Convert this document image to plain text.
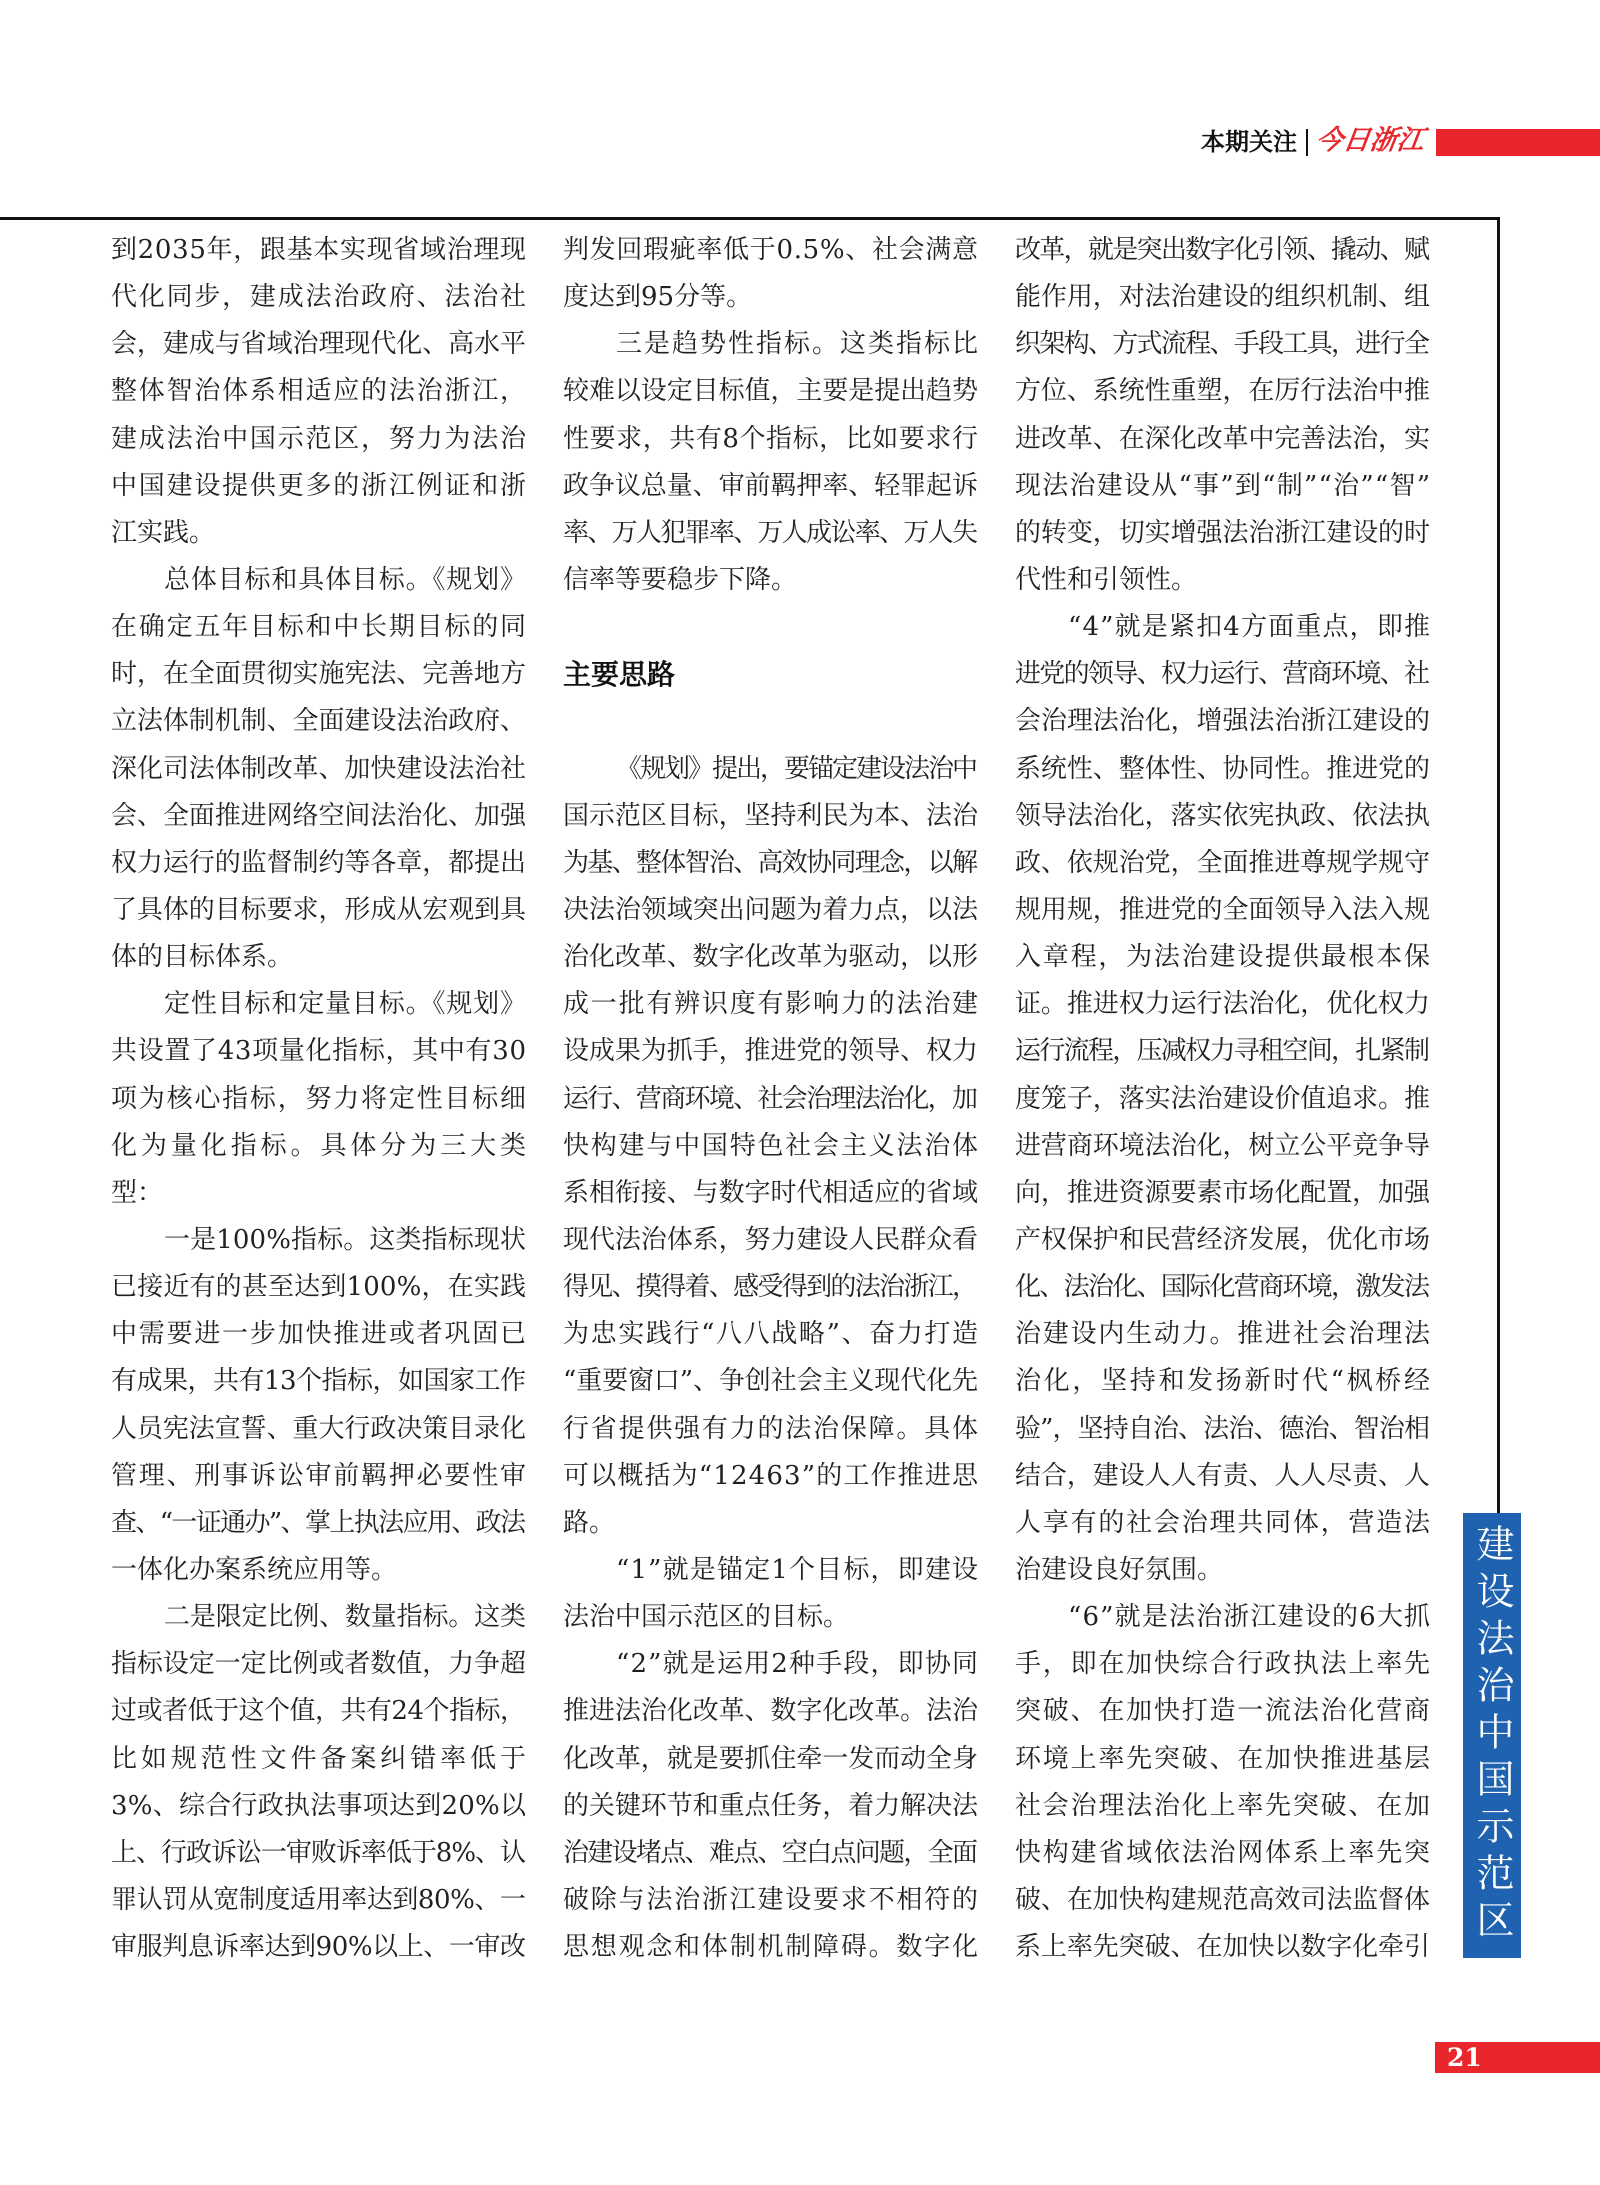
本期关注 今日浙江
到2035年，跟基本实现省域治理现
代化同步，建成法治政府、法治社
会，建成与省域治理现代化、高水平
整体智治体系相适应的法治浙江，
建成法治中国示范区，努力为法治
中国建设提供更多的浙江例证和浙
江实践。
总体目标和具体目标。《规划》
在确定五年目标和中长期目标的同
时，在全面贯彻实施宪法、完善地方
立法体制机制、全面建设法治政府、
深化司法体制改革、加快建设法治社
会、全面推进网络空间法治化、加强
权力运行的监督制约等各章，都提出
了具体的目标要求，形成从宏观到具
体的目标体系。
定性目标和定量目标。《规划》
共设置了43项量化指标，其中有30
项为核心指标，努力将定性目标细
化为量化指标。具体分为三大类
型：
一是100%指标。这类指标现状
已接近有的甚至达到100%，在实践
中需要进一步加快推进或者巩固已
有成果，共有13个指标，如国家工作
人员宪法宣誓、重大行政决策目录化
管理、刑事诉讼审前羁押必要性审
查、“一证通办”、掌上执法应用、政法
一体化办案系统应用等。
二是限定比例、数量指标。这类
指标设定一定比例或者数值，力争超
过或者低于这个值，共有24个指标，
比如规范性文件备案纠错率低于
3%、综合行政执法事项达到20%以
上、行政诉讼一审败诉率低于8%、认
罪认罚从宽制度适用率达到80%、一
审服判息诉率达到90%以上、一审改
判发回瑕疵率低于0.5%、社会满意
度达到95分等。
三是趋势性指标。这类指标比
较难以设定目标值，主要是提出趋势
性要求，共有8个指标，比如要求行
政争议总量、审前羁押率、轻罪起诉
率、万人犯罪率、万人成讼率、万人失
信率等要稳步下降。
主要思路
《规划》提出，要锚定建设法治中
国示范区目标，坚持利民为本、法治
为基、整体智治、高效协同理念，以解
决法治领域突出问题为着力点，以法
治化改革、数字化改革为驱动，以形
成一批有辨识度有影响力的法治建
设成果为抓手，推进党的领导、权力
运行、营商环境、社会治理法治化，加
快构建与中国特色社会主义法治体
系相衔接、与数字时代相适应的省域
现代法治体系，努力建设人民群众看
得见、摸得着、感受得到的法治浙江，
为忠实践行“八八战略”、奋力打造
“重要窗口”、争创社会主义现代化先
行省提供强有力的法治保障。具体
可以概括为“12463”的工作推进思
路。
“1”就是锚定1个目标，即建设
法治中国示范区的目标。
“2”就是运用2种手段，即协同
推进法治化改革、数字化改革。法治
化改革，就是要抓住牵一发而动全身
的关键环节和重点任务，着力解决法
治建设堵点、难点、空白点问题，全面
破除与法治浙江建设要求不相符的
思想观念和体制机制障碍。数字化
改革，就是突出数字化引领、撬动、赋
能作用，对法治建设的组织机制、组
织架构、方式流程、手段工具，进行全
方位、系统性重塑，在厉行法治中推
进改革、在深化改革中完善法治，实
现法治建设从“事”到“制”“治”“智”
的转变，切实增强法治浙江建设的时
代性和引领性。
“4”就是紧扣4方面重点，即推
进党的领导、权力运行、营商环境、社
会治理法治化，增强法治浙江建设的
系统性、整体性、协同性。推进党的
领导法治化，落实依宪执政、依法执
政、依规治党，全面推进尊规学规守
规用规，推进党的全面领导入法入规
入章程，为法治建设提供最根本保
证。推进权力运行法治化，优化权力
运行流程，压减权力寻租空间，扎紧制
度笼子，落实法治建设价值追求。推
进营商环境法治化，树立公平竞争导
向，推进资源要素市场化配置，加强
产权保护和民营经济发展，优化市场
化、法治化、国际化营商环境，激发法
治建设内生动力。推进社会治理法
治化，坚持和发扬新时代“枫桥经
验”，坚持自治、法治、德治、智治相
结合，建设人人有责、人人尽责、人
人享有的社会治理共同体，营造法
治建设良好氛围。
“6”就是法治浙江建设的6大抓
手，即在加快综合行政执法上率先
突破、在加快打造一流法治化营商
环境上率先突破、在加快推进基层
社会治理法治化上率先突破、在加
快构建省域依法治网体系上率先突
破、在加快构建规范高效司法监督体
系上率先突破、在加快以数字化牵引
建设法治中国示范区
21
